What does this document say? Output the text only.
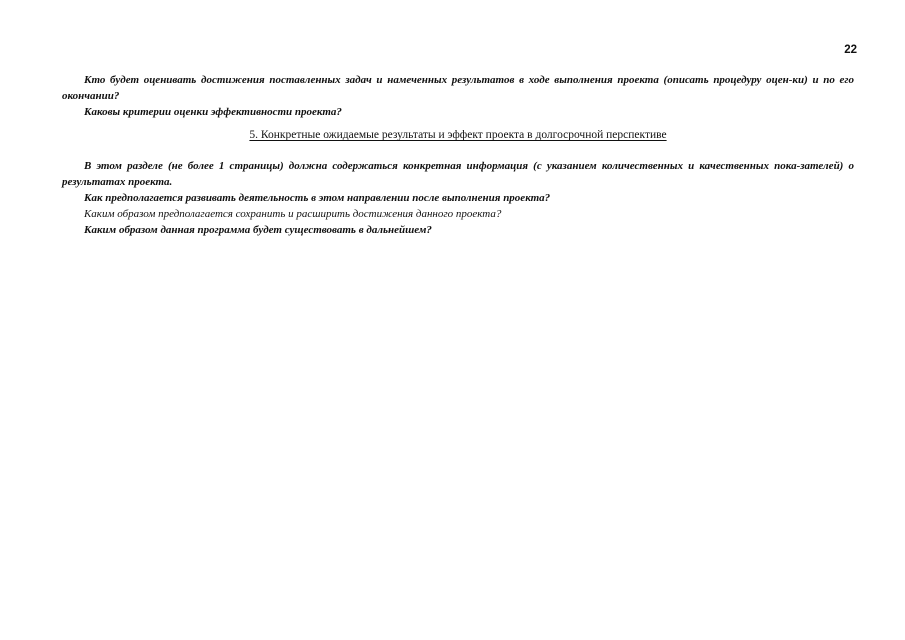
22

Кто будет оценивать достижения поставленных задач и намеченных результатов в ходе выполнения проекта (описать процедуру оцен-ки) и по его окончании?

Каковы критерии оценки эффективности проекта?

5. Конкретные ожидаемые результаты и эффект проекта в долгосрочной перспективе

В этом разделе (не более 1 страницы) должна содержаться конкретная информация (с указанием количественных и качественных пока-зателей) о результатах проекта.

Как предполагается развивать деятельность в этом направлении после выполнения проекта?

Каким образом предполагается сохранить и расширить достижения данного проекта?

Каким образом данная программа будет существовать в дальнейшем?
